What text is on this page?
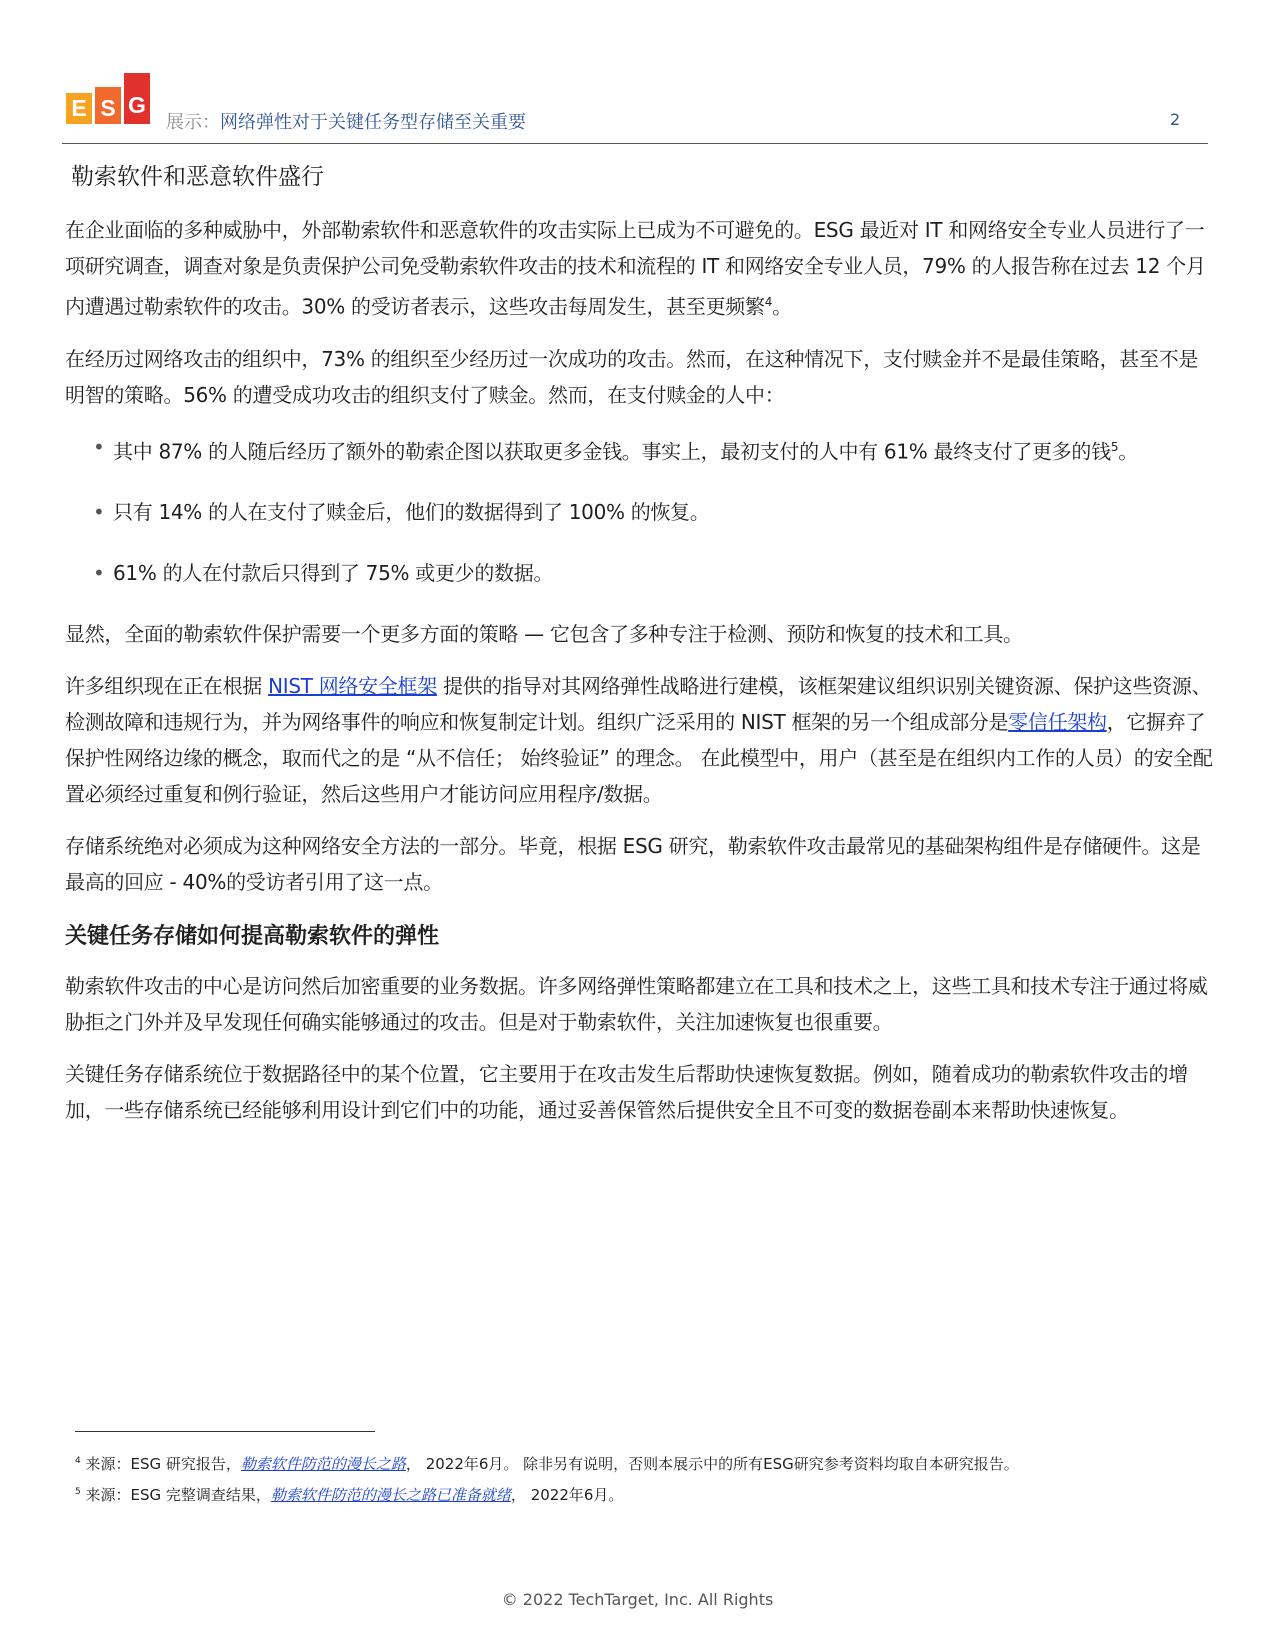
E S G
展示：网络弹性对于关键任务型存储至关重要	2
勒索软件和恶意软件盛行

在企业面临的多种威胁中，外部勒索软件和恶意软件的攻击实际上已成为不可避免的。ESG 最近对 IT 和网络安全专业人员进行了一项研究调查，调查对象是负责保护公司免受勒索软件攻击的技术和流程的 IT 和网络安全专业人员，79% 的人报告称在过去 12 个月内遭遇过勒索软件的攻击。30% 的受访者表示，这些攻击每周发生，甚至更频繁$^4$。

在经历过网络攻击的组织中，73% 的组织至少经历过一次成功的攻击。然而，在这种情况下，支付赎金并不是最佳策略，甚至不是明智的策略。56% 的遭受成功攻击的组织支付了赎金。然而，在支付赎金的人中：

• 其中 87% 的人随后经历了额外的勒索企图以获取更多金钱。事实上，最初支付的人中有 61% 最终支付了更多的钱$^5$。
• 只有 14% 的人在支付了赎金后，他们的数据得到了 100% 的恢复。
• 61% 的人在付款后只得到了 75% 或更少的数据。

显然，全面的勒索软件保护需要一个更多方面的策略 — 它包含了多种专注于检测、预防和恢复的技术和工具。

许多组织现在正在根据 NIST 网络安全框架 提供的指导对其网络弹性战略进行建模，该框架建议组织识别关键资源、保护这些资源、检测故障和违规行为，并为网络事件的响应和恢复制定计划。组织广泛采用的 NIST 框架的另一个组成部分是零信任架构，它摒弃了保护性网络边缘的概念，取而代之的是 “从不信任； 始终验证” 的理念。 在此模型中，用户（甚至是在组织内工作的人员）的安全配置必须经过重复和例行验证，然后这些用户才能访问应用程序/数据。

存储系统绝对必须成为这种网络安全方法的一部分。毕竟，根据 ESG 研究，勒索软件攻击最常见的基础架构组件是存储硬件。这是最高的回应 - 40%的受访者引用了这一点。

关键任务存储如何提高勒索软件的弹性

勒索软件攻击的中心是访问然后加密重要的业务数据。许多网络弹性策略都建立在工具和技术之上，这些工具和技术专注于通过将威胁拒之门外并及早发现任何确实能够通过的攻击。但是对于勒索软件，关注加速恢复也很重要。

关键任务存储系统位于数据路径中的某个位置，它主要用于在攻击发生后帮助快速恢复数据。例如，随着成功的勒索软件攻击的增加，一些存储系统已经能够利用设计到它们中的功能，通过妥善保管然后提供安全且不可变的数据卷副本来帮助快速恢复。

$^4$ 来源：ESG 研究报告，勒索软件防范的漫长之路， 2022年6月。 除非另有说明，否则本展示中的所有ESG研究参考资料均取自本研究报告。
$^5$ 来源：ESG 完整调查结果，勒索软件防范的漫长之路已准备就绪， 2022年6月。
© 2022 TechTarget, Inc. All Rights
